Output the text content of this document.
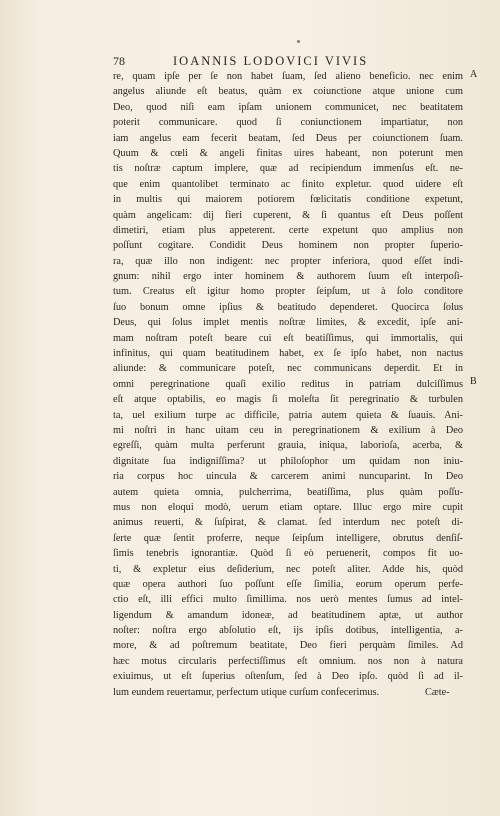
78	IOANNIS LODOVICI VIVIS
re, quam ipſe per ſe non habet ſuam, ſed alieno beneficio. nec enim
angelus aliunde eſt beatus, quàm ex coiunctione atque unione cum
Deo, quod niſi eam ipſam unionem communicet, nec beatitatem
poterit communicare. quod ſi coniunctionem impartiatur, non
iam angelus eam fecerit beatam, ſed Deus per coiunctionem ſuam.
Quum & cœli & angeli finitas uires habeant, non poterunt men
tis noſtræ captum implere, quæ ad recipiendum immenſus eſt. ne-
que enim quantolibet terminato ac finito expletur. quod uidere eſt
in multis qui maiorem potiorem fœlicitatis conditione expetunt,
quàm angelicam: dij fieri cuperent, & ſi quantus eſt Deus poſſent
dimetiri, etiam plus appeterent. certe expetunt quo amplius non
poſſunt cogitare. Condidit Deus hominem non propter ſuperio-
ra, quæ illo non indigent: nec propter inferiora, quod eſſet indi-
gnum: nihil ergo inter hominem & authorem ſuum eſt interpoſi-
tum. Creatus eſt igitur homo propter ſeipſum, ut à ſolo conditore
ſuo bonum omne ipſius & beatitudo dependeret. Quocirca ſolus
Deus, qui ſolus implet mentis noſtræ limites, & excedit, ipſe ani-
mam noſtram poteſt beare cui eſt beatiſſimus, qui immortalis, qui
infinitus, qui quam beatitudinem habet, ex ſe ipſo habet, non nactus
aliunde: & communicare poteſt, nec communicans deperdit. Et in
omni peregrinatione quaſi exilio reditus in patriam dulciſſimus
eſt atque optabilis, eo magis ſi moleſta ſit peregrinatio & turbulen
ta, uel exilium turpe ac difficile, patria autem quieta & ſuauis. Ani-
mi noſtri in hanc uitam ceu in peregrinationem & exilium à Deo
egreſſi, quàm multa perferunt grauia, iniqua, laborioſa, acerba, &
dignitate ſua indigniſſima? ut philoſophor um quidam non iniu-
ria corpus hoc uincula & carcerem animi nuncuparint. In Deo
autem quieta omnia, pulcherrima, beatiſſima, plus quàm poſſu-
mus non eloqui modò, uerum etiam optare. Illuc ergo mire cupit
animus reuerti, & ſuſpirat, & clamat. ſed interdum nec poteſt di-
ſerte quæ ſentit proferre, neque ſeipſum intelligere, obrutus denſiſ-
ſimis tenebris ignorantiæ. Quòd ſi eò peruenerit, compos fit uo-
ti, & expletur eius deſiderium, nec poteſt aliter. Adde his, quòd
quæ opera authori ſuo poſſunt eſſe ſimilia, eorum operum perfe-
ctio eſt, illi effici multo ſimillima. nos uerò mentes ſumus ad intel-
ligendum & amandum idoneæ, ad beatitudinem aptæ, ut author
noſter: noſtra ergo abſolutio eſt, ijs ipſis dotibus, intelligentia, a-
more, & ad poſtremum beatitate, Deo fieri perquàm ſimiles. Ad
hæc motus circularis perfectiſſimus eſt omnium. nos non à natura
exiuimus, ut eſt ſuperius oſtenſum, ſed à Deo ipſo. quòd ſi ad il-
lum eundem reuertamur, perfectum utique curſum confecerimus.
A
B
Cæte-
